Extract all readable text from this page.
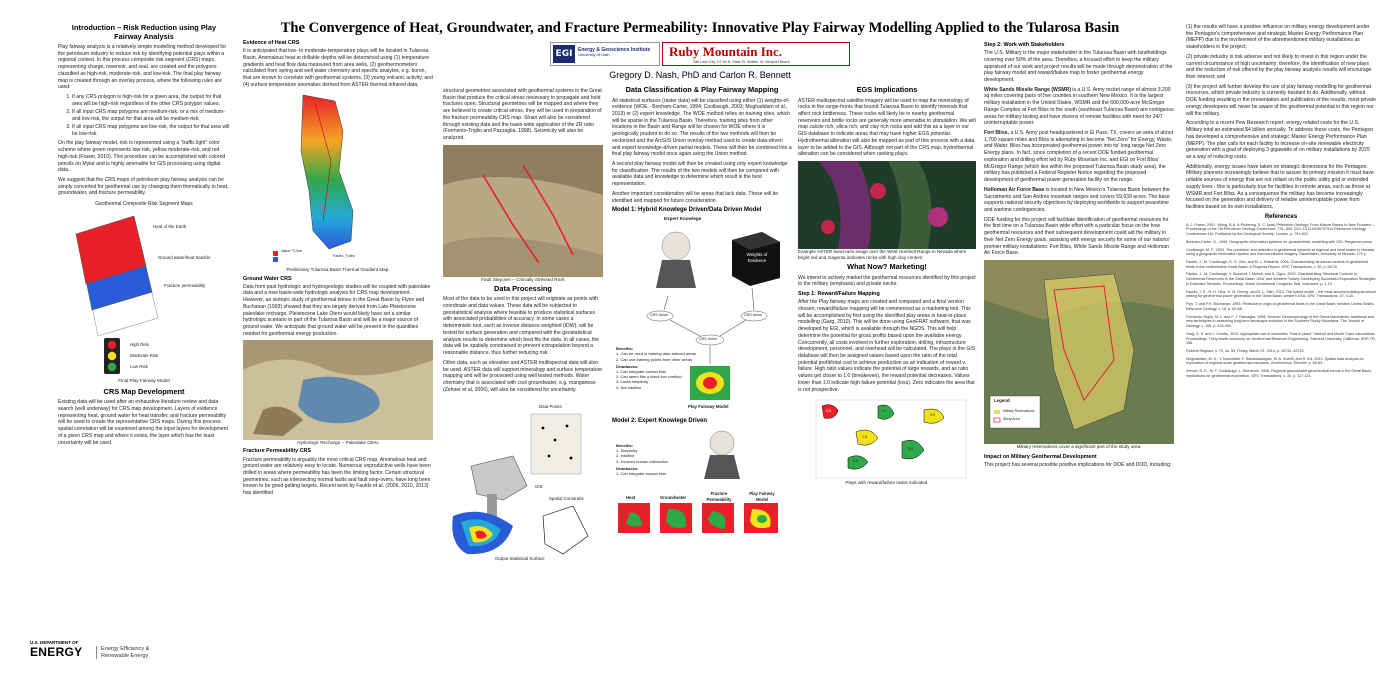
The Convergence of Heat, Groundwater, and Fracture Permeability: Innovative Play Fairway Modelling Applied to the Tularosa Basin
EGI	Energy & Geoscience Institute
University of Utah	Ruby Mountain Inc.
Salt Lake City, UT 84 N. State St. Seattle, W. Newport Beach
Gregory D. Nash, PhD and Carlon R. Bennett
Introduction – Risk Reduction using Play Fairway Analysis

Play fairway analysis is a relatively simple modelling method developed for the petroleum industry to reduce risk by identifying potential plays within a regional context. In this process composite risk segment (CRS) maps, representing charge, reservoir, and seal, are created and the polygons classified as high-risk, moderate-risk, and low-risk. The final play fairway map is created through an overlay process, where the following rules are used:

1. If any CRS polygon is high-risk for a given area, the output for that area will be high-risk regardless of the other CRS polygon values;
2. If all input CRS map polygons are medium-risk, or a mix of medium- and low-risk, the output for that area will be medium-risk;
3. If all input CRS map polygons are low-risk, the output for that area will be low-risk.

On the play fairway model, risk is represented using a "traffic light" color scheme where green represents low-risk, yellow moderate-risk, and red high-risk (Fraser, 2010). This procedure can be accomplished with colored pencils on Mylar and is highly amenable for GIS processing using digital data.

We suggest that the CRS maps of petroleum play fairway analysis can be simply converted for geothermal use by changing them thematically to heat, groundwater, and fracture permeability.

Geothermal Composite Risk Segment Maps
Heat of the Earth
Ground water/heat transfer
Fracture permeability
High Risk
Moderate Risk
Low Risk
Final Play Fairway Model
CRS Map Development

Existing data will be used after an exhaustive literature review and data search (well underway) for CRS map development. Layers of evidence representing heat, ground water for heat transfer, and fracture permeability will be used to create the representative CRS maps. During this process spatial correlation will be examined among the input layers for development of a given CRS map and where it exists, the layer which has the least uncertainty will be used.

U.S. DEPARTMENT OF
ENERGY	Energy Efficiency &
Renewable Energy
Evidence of Heat CRS

It is anticipated that low- to moderate-temperature plays will be located in Tularosa Basin. Anomalous heat at drillable depths will be determined using (1) temperature gradients and heat flow data measured from area wells, (2) geothermometers calculated from spring and well water chemistry and specific analytes, e.g. boron, that are known to correlate with geothermal systems, (3) young volcanic activity, and (4) surface temperature anomalies derived from ASTER thermal infrared data.

Value °C/km
Faults_Tules
Preliminary Tularosa Basin Thermal Gradient Map.
Ground Water CRS

Data from past hydrologic and hydrogeologic studies will be coupled with paleolake data and a new basin-wide hydrologic analysis for CRS map development. However, an isotopic study of geothermal brines in the Great Basin by Flynn and Buchanan (1993) showed that they are largely derived from Late Pleistocene paleolake recharge. Pleistocene Lake Otero would likely have set a similar hydrologic scenario in part of the Tularosa Basin and will be a major source of ground water. We anticipate that ground water will be present in the quantities needed for geothermal energy production.

Hydrologic Recharge -- Paleolake Otero
Fracture Permeability CRS

Fracture permeability is arguably the most critical CRS map. Anomalous heat and ground water are relatively easy to locate. Numerous unproductive wells have been drilled in areas where permeability has been the limiting factor. Certain structural geometries, such as intersecting normal faults and fault step-overs, have long been known to be good getting targets. Recent work by Faulds et al. (2006, 2010, 2013) has identified

structural geometries associated with geothermal systems in the Great Basin that produce the critical stress necessary to propagate and hold fractures open. Structural geometries will be mapped and where they are believed to create critical stress, they will be used in preparation of the fracture permeability CRS map. Strain will also be considered through existing data and the basin-wide application of the ZR ratio (Formento-Triglio and Pazzaglia, 1998). Seismicity will also be analyzed.

Fault Stepover – Critically Stressed Rock
Data Processing

Most of the data to be used in this project will originate as points with coordinate and data values. These data will be subjected to geostatistical analysis where feasible to produce statistical surfaces with associated probabilities of accuracy. In some cases a deterministic tool, such as inverse distance weighted (IDW), will be tested for surface generation and compared with the geostatistical analysis results to determine which best fits the data. In all cases, the data will be spatially constrained to prevent extrapolation beyond a reasonable distance, thus further reducing risk.

Other data, such as elevation and ASTER multispectral data will also be used. ASTER data will support mineralogy and surface temperature mapping and will be processed using well tested methods. Water chemistry that is associated with cool groundwater, e.g. manganese (Zehner et al, 2006), will also be considered for uncertainty.

Data Points
GIS
Output Statistical Surface
Spatial Constraint
Data Classification & Play Fairway Mapping

All statistical surfaces (raster data) will be classified using either (1) weights-of-evidence (WOE - Bonham-Carter, 1994; Coolbaugh, 2003; Moghaddam et al., 2013) or (2) expert knowledge. The WOE method relies on training sites, which will be sparse in the Tularosa Basin. Therefore, training sites from other locations in the Basin and Range will be chosen for WOE where it is geologically prudent to do so. The results of the two methods will then be vectorized and the ArcGIS Union overlay method used to create data-driven and expert knowledge-driven partial models. These will then be combined into a final play fairway model once again using the Union method.

A second play fairway model will then be created using only expert knowledge for classification. The results of the two models will then be compared with available data and knowledge to determine which result is the best representation.

Another important consideration will be areas that lack data. These will be identified and mapped for future consideration.

Model 1: Hybrid Knowlege Driven/Data Driven Model
Expert Knowlege
Weights of Evidence
CRS Union	CRS Union
CRS Union
Benefits:
1. Can be used in training data starved areas
2. Can use training points from other areas
Drawbacks:
1. Can integrate human bias
2. Can seem like a black box method
3. Lacks simplicity
4. Not intuitive
Play Fairway Model
Model 2: Expert Knowlege Driven
Benefits:
1. Simplicity
2. Intuitive
3. Involves human interaction
Drawbacks:
1. Can integrate human bias
Heat	Groundwater
Fracture Permeability
Play Fairway Model
EGS Implications

ASTER multispectral satellite imagery will be used to map the mineralogy of rocks in the range-fronts that bound Tularosa Basin to identify minerals that affect rock brittleness. These rocks will likely be in nearby geothermal reservoirs and brittle rocks are generally more amenable to stimulation. We will map calcite rich, silica rich, and clay rich rocks and add this as a layer in our GIS database to indicate areas that may have higher EGS potential. Hydrothermal alteration will also be mapped as part of this process with a data layer to be added to the GIS. Although not part of the CRS map, hydrothermal alteration can be considered when ranking plays.

Example ASTER band-ratio image over the West Humbolt Range in Nevada where bright red and magenta indicates rocks with high clay content
What Now? Marketing!

We intend to actively market the geothermal resources identified by this project to the military (emphasis) and private sector.

Step 1: Reward/Failure Mapping

After the Play fairway maps are created and compared and a final version chosen, reward/failure mapping will be commenced as a marketing tool. This will be accomplished by first using the identified play areas in heat-in-place modelling (Garg, 2010). This will be done using GeoFRAT software, that was developed by EGI, which is available through the NGDS. This will help determine the potential for gross profits based upon the available energy. Concurrently, all costs involved in further exploration, drilling, infrastructure development, personnel, and overhead will be calculated. The plays in the GIS database will then be assigned values based upon the ratio of the total potential profit/total cost to achieve production as an indication of reward v. failure. High ratio values indicate the potential of large rewards, and as ratio values get closer to 1.0 (breakeven), the reward potential decreases. Values lower than 1.0 indicate high failure potential (loss). Zero indicates the area that is not prospective.

0.8	4.1
2.5
1.6
5.2
3.0
Plays with reward/failure ratios indicated.
Step 2: Work with Stakeholders

The U.S. Military is the major stakeholder in the Tularosa Basin with landholdings covering over 50% of the area. Therefore, a focused effort to keep the military appraised of our work and project results will be made through demonstration of the play fairway model and reward/failure map to foster geothermal energy development.

White Sands Missile Range (WSMR) is a U.S. Army rocket range of almost 3,200 sq miles covering parts of five counties in southern New Mexico. It is the largest military installation in the United States, WSMR and the 600,000-acre McGregor Range Complex at Fort Bliss to the south (southeast Tularosa Basin) are contiguous areas for military testing and have dozens of remote facilities with need for 24/7 uninterruptable power.

Fort Bliss, a U.S. Army post headquartered in El Paso, TX, covers an area of about 1,700 square miles and Bliss is attempting to become "Net Zero" for Energy, Waste, and Water. Bliss has incorporated geothermal power into its' long range Net Zero Energy plans. In fact, since completion of a recent DOE funded geothermal exploration and drilling effort led by Ruby Mountain Inc. and EGI on Fort Bliss' McGregor Range (which lies within the proposed Tularosa Basin study area), the military has published a Federal Register Notice regarding the proposed development of geothermal power generation facility on the range.

Holloman Air Force Base is located in New Mexico's Tularosa Basin between the Sacramento and San Andres mountain ranges and covers 59,639 acres. The base supports national security objectives by deploying worldwide to support peacetime and wartime contingencies.

DOE funding for this project will facilitate identification of geothermal resources for the first time on a Tularosa Basin wide effort with a particular focus on the how geothermal resources and their subsequent development could aid the military in their Net Zero Energy goals, assisting with energy security for some of our nations' premier military installations: Fort Bliss, White Sands Missile Range and Holloman Air Force Base.

Legend
Military Reservations
Study Area
Military reservations cover a significant part of the study area.
Impact on Military Geothermal Development

This project has several possible positive implications for DOE and DOD, including:

(1) the results will have a positive influence on military energy development under the Pentagon's comprehensive and strategic Master Energy Performance Plan (MEPP) due to the involvement of the aforementioned military installations as stakeholders in the project;

(2) private industry is risk adverse and not likely to invest in this region under the current circumstance of high uncertainty; therefore, the identification of new plays and the reduction of risk offered by the play fairway analysis results will encourage their interest; and

(3) the project will further develop the use of play fairway modelling for geothermal resources, which private industry is currently hesitant to do. Additionally, without DOE funding resulting in the presentation and publication of the results, most private energy developers will never be aware of the geothermal potential in this region nor will the military.

According to a recent Pew Research report, energy related costs for the U.S. Military total an estimated $4 billion annually. To address these costs, the Pentagon has developed a comprehensive and strategic Master Energy Performance Plan (MEPP). The plan calls for each facility to increase on-site renewable electricity generation with a goal of deploying 3 gigawatts of on military installations by 2025 as a way of reducing costs.

Additionally, energy issues have taken on strategic dimensions for the Pentagon. Military planners increasingly believe that to assure its primary mission it must have reliable sources of energy that are not reliant on the public utility grid or extended supply lines - this is particularly true for facilities in remote areas, such as those at WSMR and Fort Bliss. As a consequence the military has become increasingly focused on the generation and delivery of reliable uninterruptable power from facilities based on its own installations.

References

A. J. Fraser, 2001. Viking, B.A. & Pickering, S. C. (eds) Petroleum Geology: From Mature Basins to New Frontiers – Proceedings of the 7th Petroleum Geology Conference, 791–800. DOI: 10.1144/0070791# Petroleum Geology Conferences Ltd. Published by the Geological Society, London. p. 791-800.

Bonham-Carter, G., 1994. Geographic information systems for geoscientists: modelling with GIS. Pergamon press.

Coolbaugh, M. F., 2003. The prediction and detection of geothermal systems at regional and local scales in Nevada using a geographic information system and thermal infrared imagery. Dissertation, University of Nevada, 172 p.

Faulds, J., M. Coolbaugh, G. S. Vice, and M. L. Edwards, 2006. Characterizing structural controls of geothermal fields in the northwestern Great Basin: A Progress Report, GRC Transactions, v. 30, p. 69-76.

Faulds, J., M. Coolbaugh, V. Bouchot, I. Moeck, and K. Oguz, 2010. Characterizing Structural Controls of Geothermal Reservoirs in the Great Basin, USA, and Western Turkey: Developing Successful Exploration Strategies in Extended Terranes. Proceedings, World Geothermal Congress, Bali, Indonesia, p. 1-10.

Faulds, J. E., N. H. Hinz, G. M. Dering, and D. L. Siler, 2013. The hybrid model – the most accommodating structural setting for geothermal power generation in the Great Basin, western USA. GRC Transactions, 37, 3-10.

Flyn, T. and P.K. Buchanan, 1993. Pleistocene origin of geothermal fluids in the Great Basin, western United States. Resource Geology, v. 16, p. 60-68.

Formento-Triglio, M. L. and F. J. Pazzaglia, 1998. Tectonic Geomorphology of the Sierra Nacimiento: traditional and new techniques in assessing long-term landscape evolution in the Southern Rocky Mountains. The Journal of Geology, v. 106, p. 433-453.

Garg, S. K. and J. Combs, 2010. Appropriate use of volumetric "heat in place" method and Monte Carlo calculations. Proceedings, Thirty-fourth workshop on Geothermal Reservoir Engineering, Stanford University, California, SGP-TR-188.

Federal Register, v. 79, no. 55, Friday, March 21, 2014, p. 15732–15733.

Moghaddam, M. K., Y. Noorollahi, F. Samadzadegan, M. A. Sharifi, and R. Itoi, 2013. Spatial data analysis for exploration of regional scale geothermal resources, Geothermics, Elsevier, p. 69-83.

Zehner, R. E., M. F. Coolbaugh, L. Shevenell, 2006. Regional groundwater geochemical trends in the Great Basin: implications for geothermal exploration, GRC Transactions, v. 30, p. 117-124.
